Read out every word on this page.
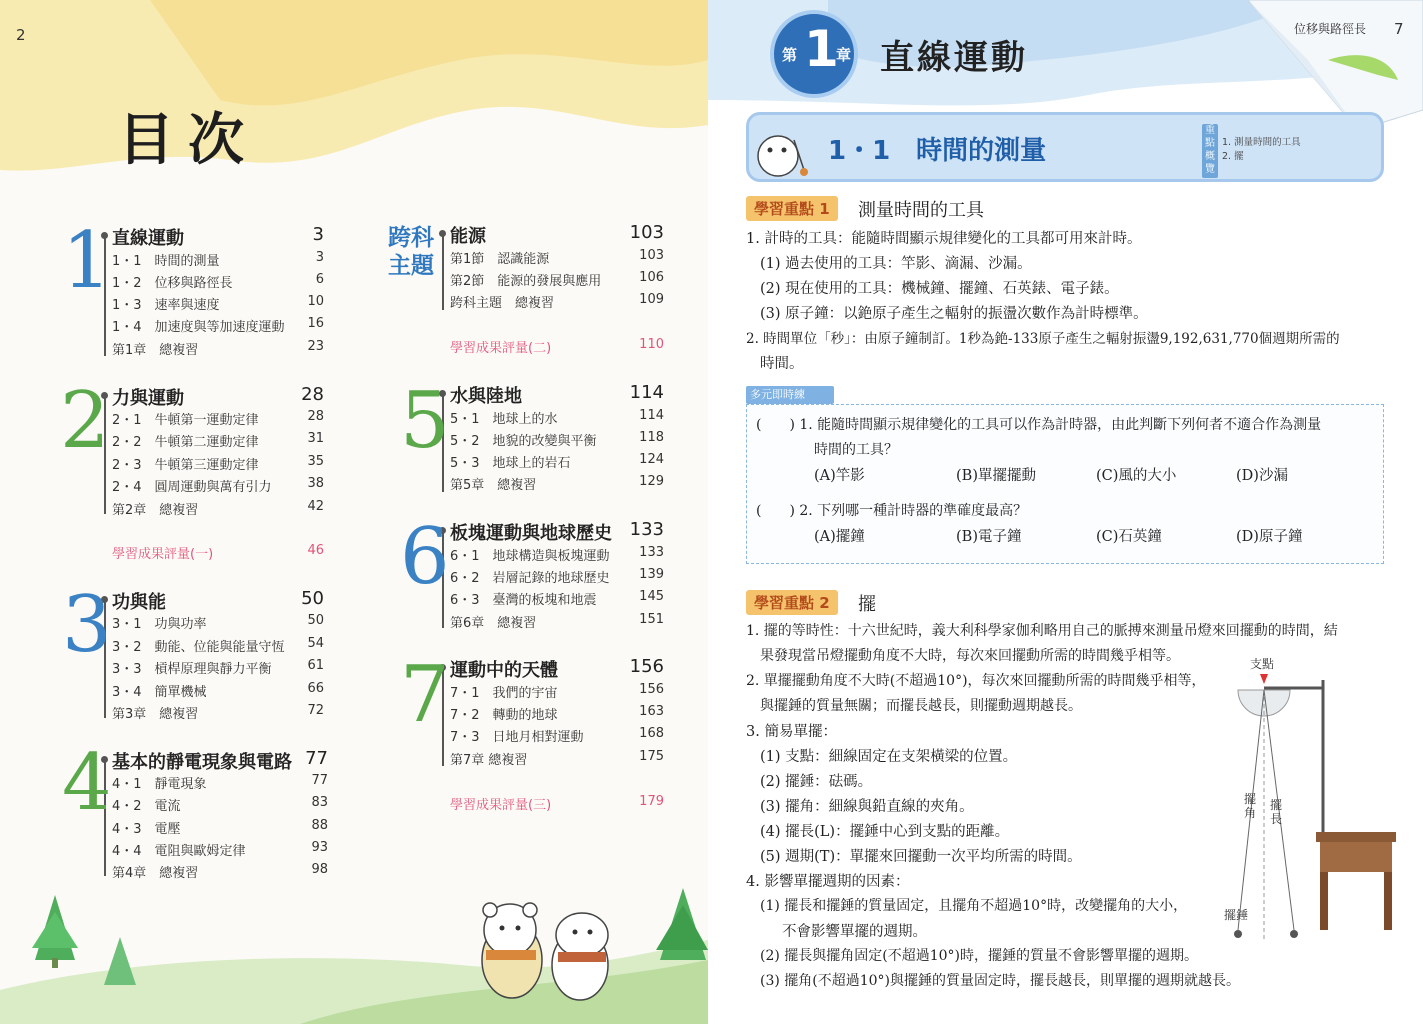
2
目次
1
2
3
4
跨科主題
5
6
7
直線運動	3
1・1　時間的測量	3
1・2　位移與路徑長	6
1・3　速率與速度	10
1・4　加速度與等加速度運動	16
第1章　總複習	23
力與運動	28
2・1　牛頓第一運動定律	28
2・2　牛頓第二運動定律	31
2・3　牛頓第三運動定律	35
2・4　圓周運動與萬有引力	38
第2章　總複習	42
學習成果評量(一)	46
功與能	50
3・1　功與功率	50
3・2　動能、位能與能量守恆	54
3・3　槓桿原理與靜力平衡	61
3・4　簡單機械	66
第3章　總複習	72
基本的靜電現象與電路 77
4・1　靜電現象	77
4・2　電流	83
4・3　電壓	88
4・4　電阻與歐姆定律	93
第4章　總複習	98
能源	103
第1節　認識能源	103
第2節　能源的發展與應用	106
跨科主題　總複習	109
學習成果評量(二)	110
水與陸地	114
5・1　地球上的水	114
5・2　地貌的改變與平衡	118
5・3　地球上的岩石	124
第5章　總複習	129
板塊運動與地球歷史 133
6・1　地球構造與板塊運動	133
6・2　岩層記錄的地球歷史	139
6・3　臺灣的板塊和地震	145
第6章　總複習	151
運動中的天體	156
7・1　我們的宇宙	156
7・2　轉動的地球	163
7・3　日地月相對運動	168
第7章 總複習	175
學習成果評量(三)	179
7
位移與路徑長
第 1
章 直線運動
1・1　時間的測量
重點概覽
1. 測量時間的工具
2. 擺
學習重點 1	測量時間的工具
1. 計時的工具：能隨時間顯示規律變化的工具都可用來計時。
(1) 過去使用的工具：竿影、滴漏、沙漏。
(2) 現在使用的工具：機械鐘、擺鐘、石英錶、電子錶。
(3) 原子鐘：以銫原子產生之輻射的振盪次數作為計時標準。
2. 時間單位「秒」：由原子鐘制訂。1秒為銫-133原子產生之輻射振盪9,192,631,770個週期所需的
時間。
多元即時練
(　　) 1. 能隨時間顯示規律變化的工具可以作為計時器，由此判斷下列何者不適合作為測量
時間的工具？
(A)竿影	(B)單擺擺動	(C)風的大小	(D)沙漏
(　　) 2. 下列哪一種計時器的準確度最高？
(A)擺鐘	(B)電子鐘	(C)石英鐘	(D)原子鐘
學習重點 2	擺
1. 擺的等時性：十六世紀時，義大利科學家伽利略用自己的脈搏來測量吊燈來回擺動的時間，結
果發現當吊燈擺動角度不大時，每次來回擺動所需的時間幾乎相等。
2. 單擺擺動角度不大時(不超過10°)，每次來回擺動所需的時間幾乎相等，
與擺錘的質量無關；而擺長越長，則擺動週期越長。
3. 簡易單擺：
(1) 支點：細線固定在支架橫梁的位置。
(2) 擺錘：砝碼。
(3) 擺角：細線與鉛直線的夾角。
(4) 擺長(L)：擺錘中心到支點的距離。
(5) 週期(T)：單擺來回擺動一次平均所需的時間。
4. 影響單擺週期的因素：
(1) 擺長和擺錘的質量固定，且擺角不超過10°時，改變擺角的大小，
不會影響單擺的週期。
(2) 擺長與擺角固定(不超過10°)時，擺錘的質量不會影響單擺的週期。
(3) 擺角(不超過10°)與擺錘的質量固定時，擺長越長，則單擺的週期就越長。
支點
擺角
擺長
擺錘
